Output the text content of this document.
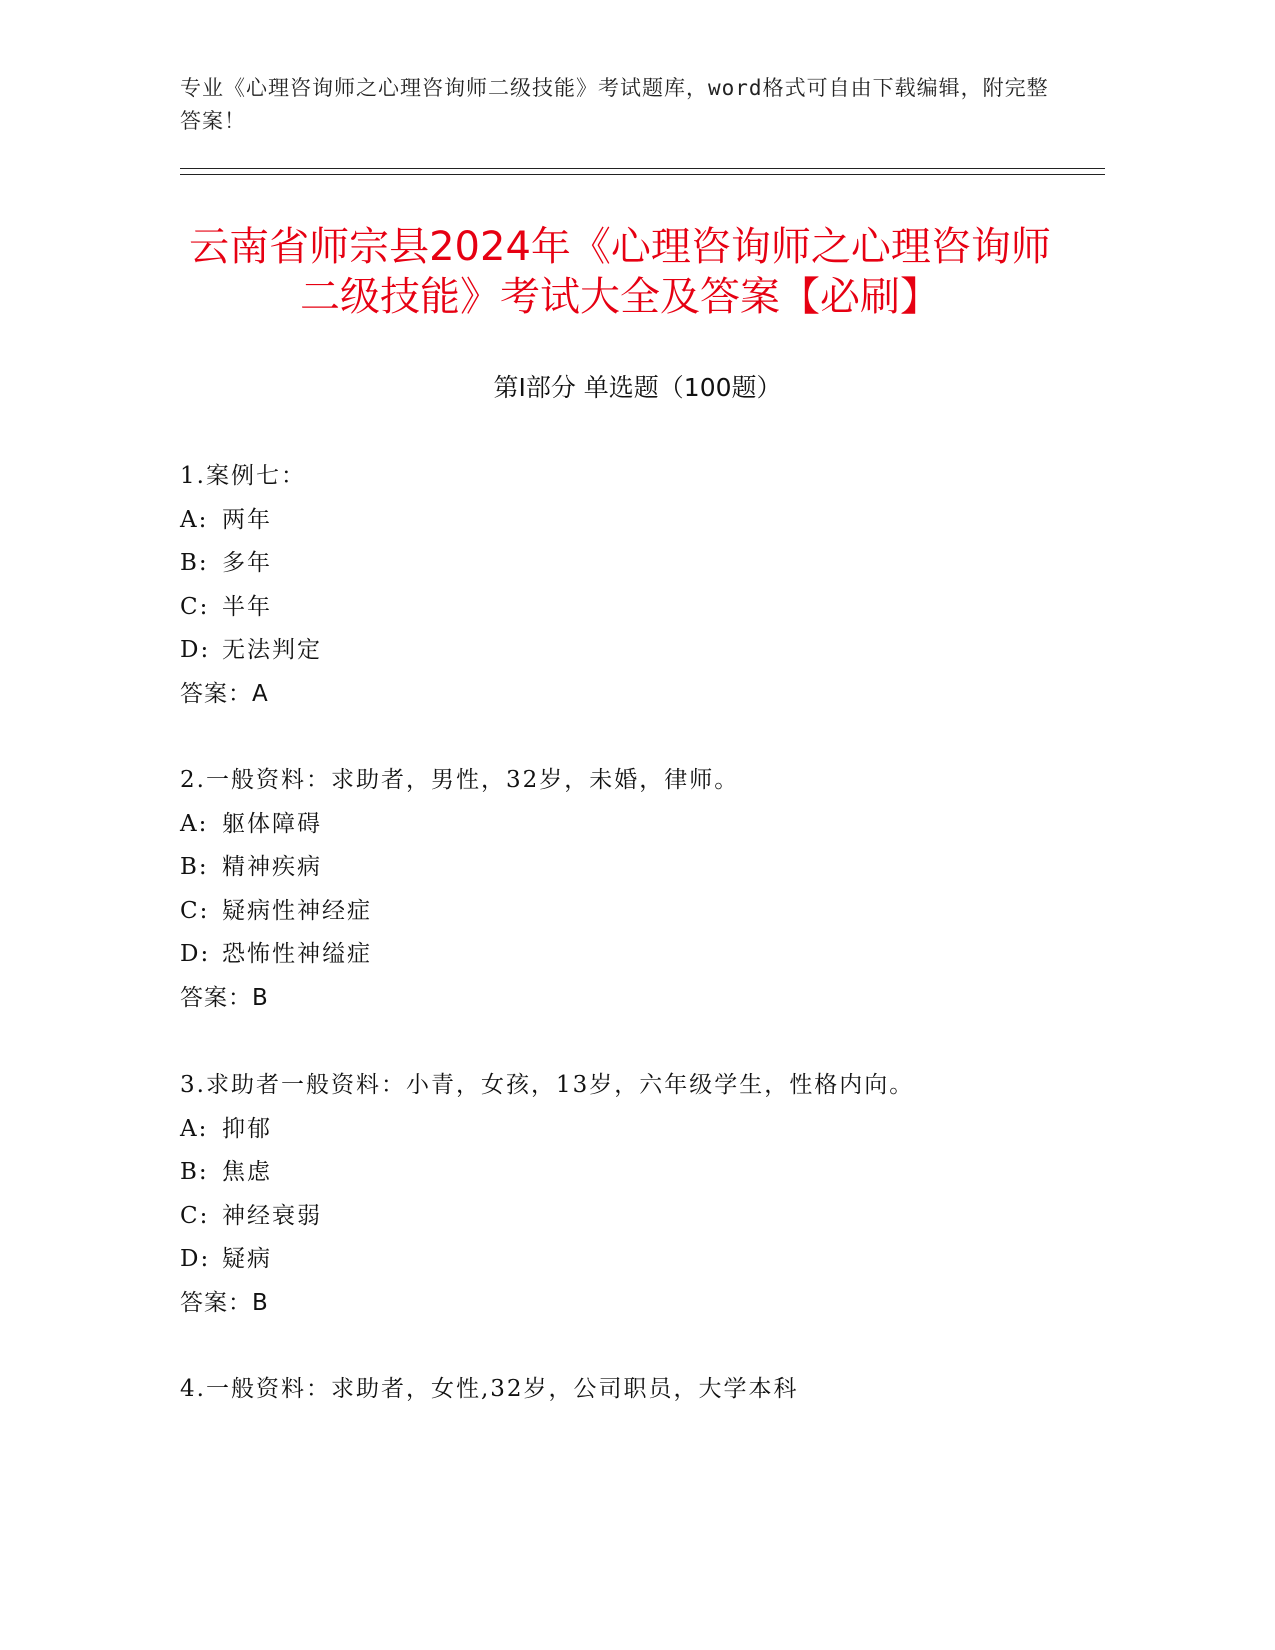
专业《心理咨询师之心理咨询师二级技能》考试题库，word格式可自由下载编辑，附完整答案！
云南省师宗县2024年《心理咨询师之心理咨询师二级技能》考试大全及答案【必刷】
第Ⅰ部分 单选题（100题）
1.案例七：
A: 两年
B: 多年
C: 半年
D: 无法判定
答案：A
2.一般资料：求助者，男性，32岁，未婚，律师。
A: 躯体障碍
B: 精神疾病
C: 疑病性神经症
D: 恐怖性神缢症
答案：B
3.求助者一般资料：小青，女孩，13岁，六年级学生，性格内向。
A: 抑郁
B: 焦虑
C: 神经衰弱
D: 疑病
答案：B
4.一般资料：求助者，女性,32岁，公司职员，大学本科
